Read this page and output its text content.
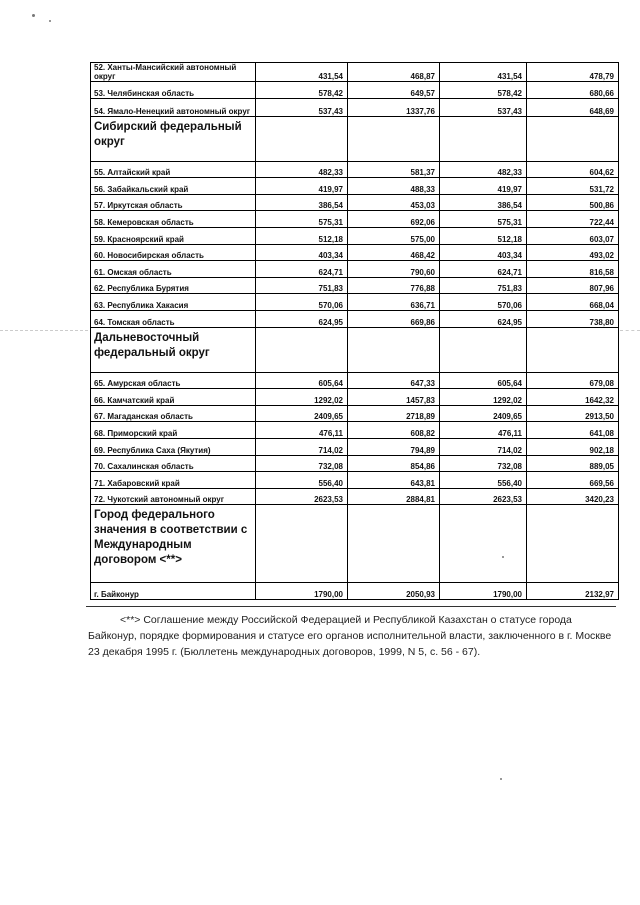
52. Ханты-Мансийский автономный округ	431,54	468,87	431,54	478,79
53. Челябинская область	578,42	649,57	578,42	680,66
54. Ямало-Ненецкий автономный округ	537,43	1337,76	537,43	648,69
Сибирский федеральный округ				
55. Алтайский край	482,33	581,37	482,33	604,62
56. Забайкальский край	419,97	488,33	419,97	531,72
57. Иркутская область	386,54	453,03	386,54	500,86
58. Кемеровская область	575,31	692,06	575,31	722,44
59. Красноярский край	512,18	575,00	512,18	603,07
60. Новосибирская область	403,34	468,42	403,34	493,02
61. Омская область	624,71	790,60	624,71	816,58
62. Республика Бурятия	751,83	776,88	751,83	807,96
63. Республика Хакасия	570,06	636,71	570,06	668,04
64. Томская область	624,95	669,86	624,95	738,80
Дальневосточный федеральный округ				
65. Амурская область	605,64	647,33	605,64	679,08
66. Камчатский край	1292,02	1457,83	1292,02	1642,32
67. Магаданская область	2409,65	2718,89	2409,65	2913,50
68. Приморский край	476,11	608,82	476,11	641,08
69. Республика Саха (Якутия)	714,02	794,89	714,02	902,18
70. Сахалинская область	732,08	854,86	732,08	889,05
71. Хабаровский край	556,40	643,81	556,40	669,56
72. Чукотский автономный округ	2623,53	2884,81	2623,53	3420,23
Город федерального значения в соответствии с Международным договором <**>				
г. Байконур	1790,00	2050,93	1790,00	2132,97

<**> Соглашение между Российской Федерацией и Республикой Казахстан о статусе города Байконур, порядке формирования и статусе его органов исполнительной власти, заключенного в г. Москве 23 декабря 1995 г. (Бюллетень международных договоров, 1999, N 5, с. 56 - 67).
